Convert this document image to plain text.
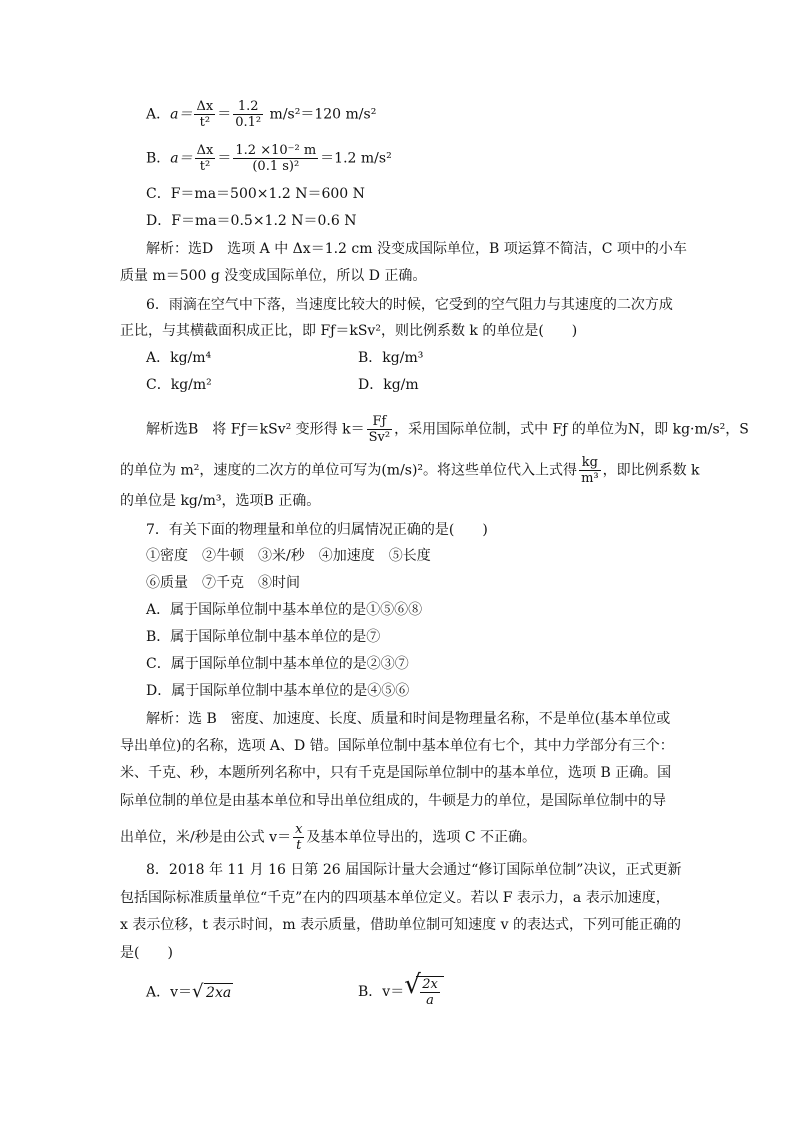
A．$a= \frac{\Delta x}{\text{t²}} = \frac{1.2}{\text{0.1²}} m/s^2=120$ m/s²
B．$a= \frac{\Delta x}{\text{t²}} = \frac{\text{1.2 ×10⁻² m}}{\text{(0.1 s)²}} =1.2$ m/s²
C．F＝ma＝500×1.2 N＝600 N
D．F＝ma＝0.5×1.2 N＝0.6 N
解析：选D　选项 A 中 Δx＝1.2 cm 没变成国际单位，B 项运算不简洁，C 项中的小车
质量 m＝500 g 没变成国际单位，所以 D 正确。
6．雨滴在空气中下落，当速度比较大的时候，它受到的空气阻力与其速度的二次方成
正比，与其横截面积成正比，即 Fƒ＝kSv²，则比例系数 k 的单位是(　　)
A．kg/m⁴	B．kg/m³
C．kg/m²	D．kg/m
解析选B　将 Fƒ＝kSv² 变形得 $k= \frac{Fƒ}{\text{Sv²}}$ ，采用国际单位制，式中 Fƒ 的单位为N，即 kg·m/s²，S
的单位为 m²，速度的二次方的单位可写为(m/s)²。将这些单位代入上式得 $\frac{kg}{\text{m³}}$ ，即比例系数 k
的单位是 kg/m³，选项B 正确。
7．有关下面的物理量和单位的归属情况正确的是(　　)
①密度　②牛顿　③米/秒　④加速度　⑤长度
⑥质量　⑦千克　⑧时间
A．属于国际单位制中基本单位的是①⑤⑥⑧
B．属于国际单位制中基本单位的是⑦
C．属于国际单位制中基本单位的是②③⑦
D．属于国际单位制中基本单位的是④⑤⑥
解析：选 B　密度、加速度、长度、质量和时间是物理量名称，不是单位(基本单位或
导出单位)的名称，选项 A、D 错。国际单位制中基本单位有七个，其中力学部分有三个：
米、千克、秒，本题所列名称中，只有千克是国际单位制中的基本单位，选项 B 正确。国
际单位制的单位是由基本单位和导出单位组成的，牛顿是力的单位，是国际单位制中的导
出单位，米/秒是由公式 $v= \frac{x}{t}$ 及基本单位导出的，选项 C 不正确。
8．2018 年 11 月 16 日第 26 届国际计量大会通过“修订国际单位制”决议，正式更新
包括国际标准质量单位“千克”在内的四项基本单位定义。若以 F 表示力，a 表示加速度，
x 表示位移，t 表示时间，m 表示质量，借助单位制可知速度 v 的表达式，下列可能正确的
是(　　)
A．v＝ √ 2xa	B．v＝ √ $\frac{2x}{a}$
